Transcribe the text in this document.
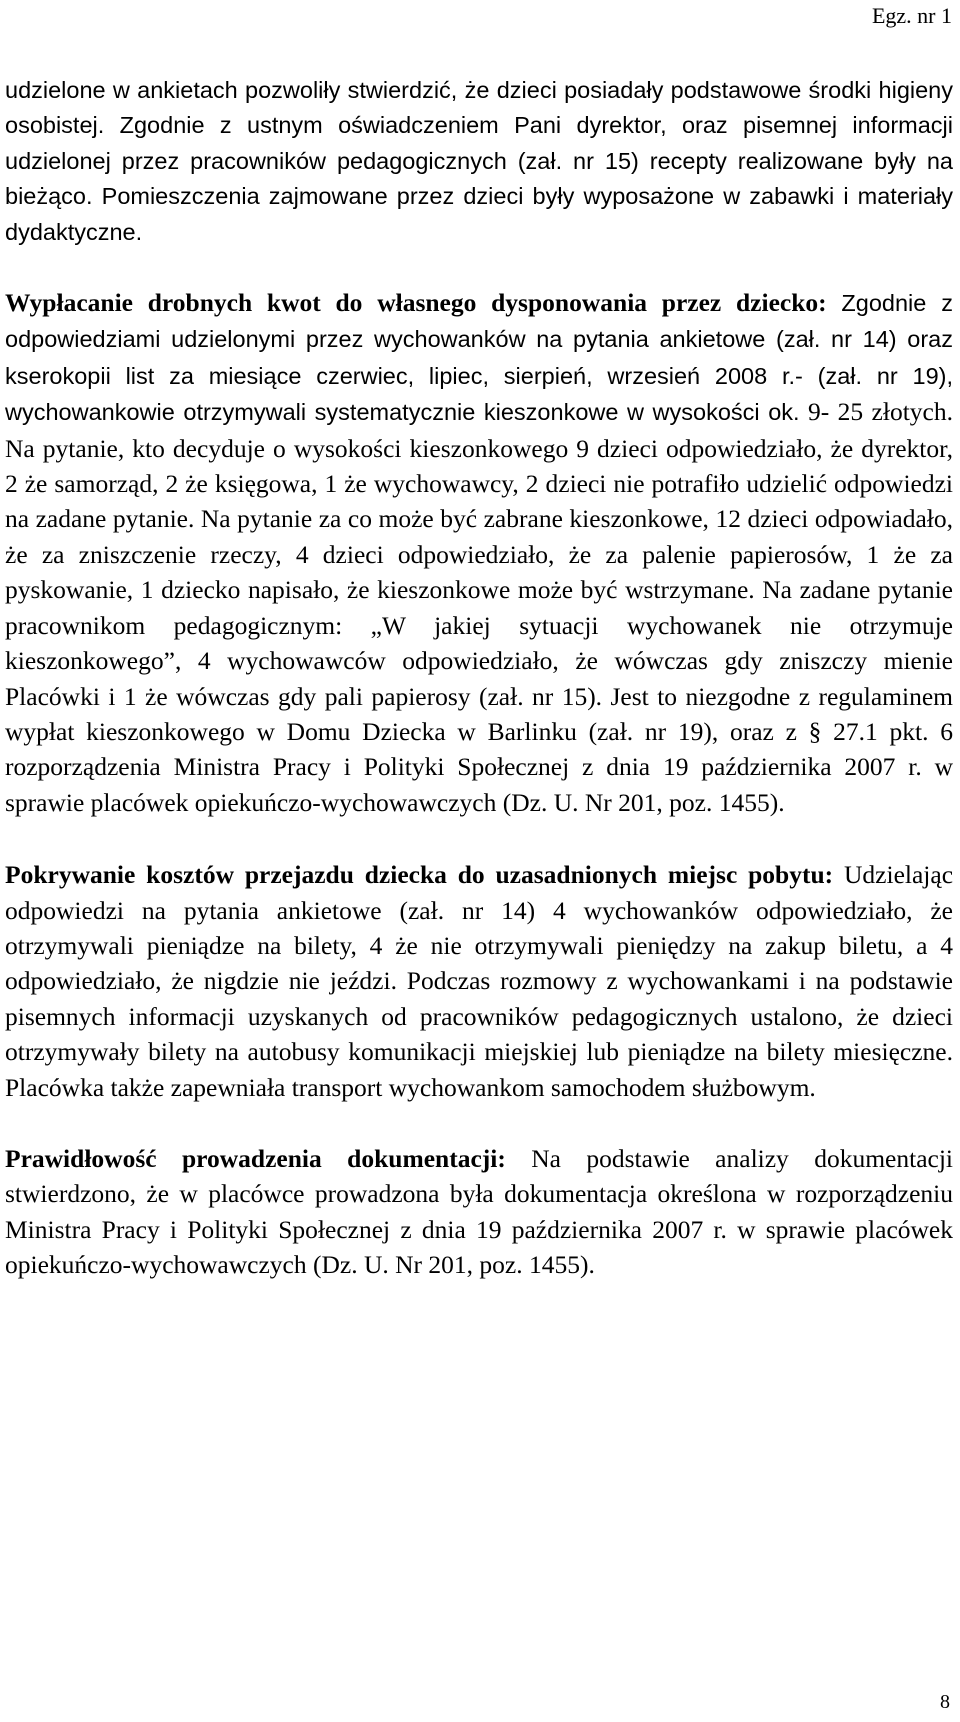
Egz. nr 1

udzielone w ankietach pozwoliły stwierdzić, że dzieci posiadały podstawowe środki higieny osobistej. Zgodnie z ustnym oświadczeniem Pani dyrektor, oraz pisemnej informacji udzielonej przez pracowników pedagogicznych (zał. nr 15) recepty realizowane były na bieżąco. Pomieszczenia zajmowane przez dzieci były wyposażone w zabawki i materiały dydaktyczne.

Wypłacanie drobnych kwot do własnego dysponowania przez dziecko: Zgodnie z odpowiedziami udzielonymi przez wychowanków na pytania ankietowe (zał. nr 14) oraz kserokopii list za miesiące czerwiec, lipiec, sierpień, wrzesień 2008 r.- (zał. nr 19), wychowankowie otrzymywali systematycznie kieszonkowe w wysokości ok. 9- 25 złotych. Na pytanie, kto decyduje o wysokości kieszonkowego 9 dzieci odpowiedziało, że dyrektor, 2 że samorząd, 2 że księgowa, 1 że wychowawcy, 2 dzieci nie potrafiło udzielić odpowiedzi na zadane pytanie. Na pytanie za co może być zabrane kieszonkowe, 12 dzieci odpowiadało, że za zniszczenie rzeczy, 4 dzieci odpowiedziało, że za palenie papierosów, 1 że za pyskowanie, 1 dziecko napisało, że kieszonkowe może być wstrzymane. Na zadane pytanie pracownikom pedagogicznym: „W jakiej sytuacji wychowanek nie otrzymuje kieszonkowego”, 4 wychowawców odpowiedziało, że wówczas gdy zniszczy mienie Placówki i 1 że wówczas gdy pali papierosy (zał. nr 15). Jest to niezgodne z regulaminem wypłat kieszonkowego w Domu Dziecka w Barlinku (zał. nr 19), oraz z § 27.1 pkt. 6 rozporządzenia Ministra Pracy i Polityki Społecznej z dnia 19 października 2007 r. w sprawie placówek opiekuńczo-wychowawczych (Dz. U. Nr 201, poz. 1455).

Pokrywanie kosztów przejazdu dziecka do uzasadnionych miejsc pobytu: Udzielając odpowiedzi na pytania ankietowe (zał. nr 14) 4 wychowanków odpowiedziało, że otrzymywali pieniądze na bilety, 4 że nie otrzymywali pieniędzy na zakup biletu, a 4 odpowiedziało, że nigdzie nie jeździ. Podczas rozmowy z wychowankami i na podstawie pisemnych informacji uzyskanych od pracowników pedagogicznych ustalono, że dzieci otrzymywały bilety na autobusy komunikacji miejskiej lub pieniądze na bilety miesięczne. Placówka także zapewniała transport wychowankom samochodem służbowym.

Prawidłowość prowadzenia dokumentacji: Na podstawie analizy dokumentacji stwierdzono, że w placówce prowadzona była dokumentacja określona w rozporządzeniu Ministra Pracy i Polityki Społecznej z dnia 19 października 2007 r. w sprawie placówek opiekuńczo-wychowawczych (Dz. U. Nr 201, poz. 1455).

8
